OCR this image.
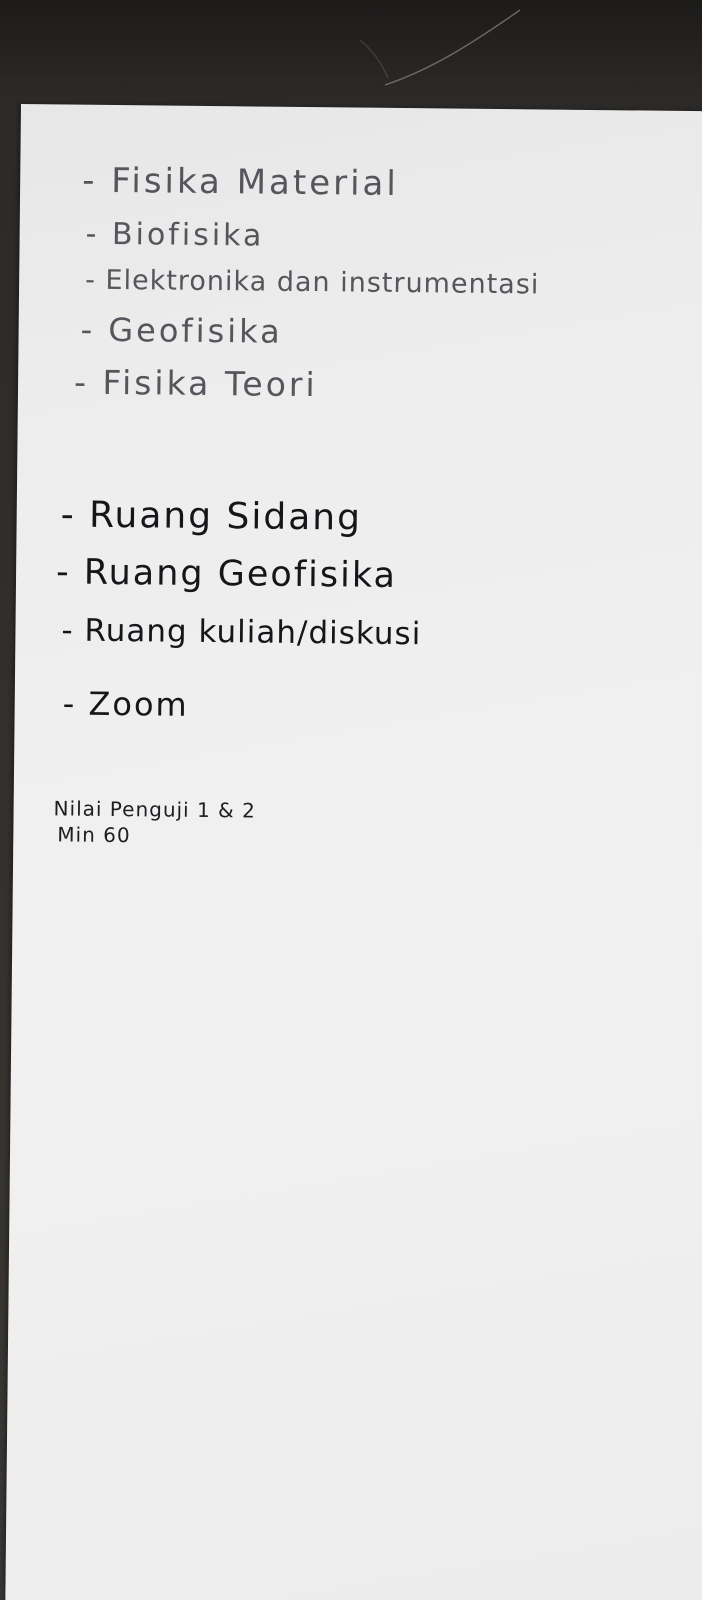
- Fisika Material
- Biofisika
- Elektronika dan instrumentasi
- Geofisika
- Fisika Teori
- Ruang Sidang
- Ruang Geofisika
- Ruang kuliah/diskusi
- Zoom
Nilai Penguji 1 & 2
Min 60
